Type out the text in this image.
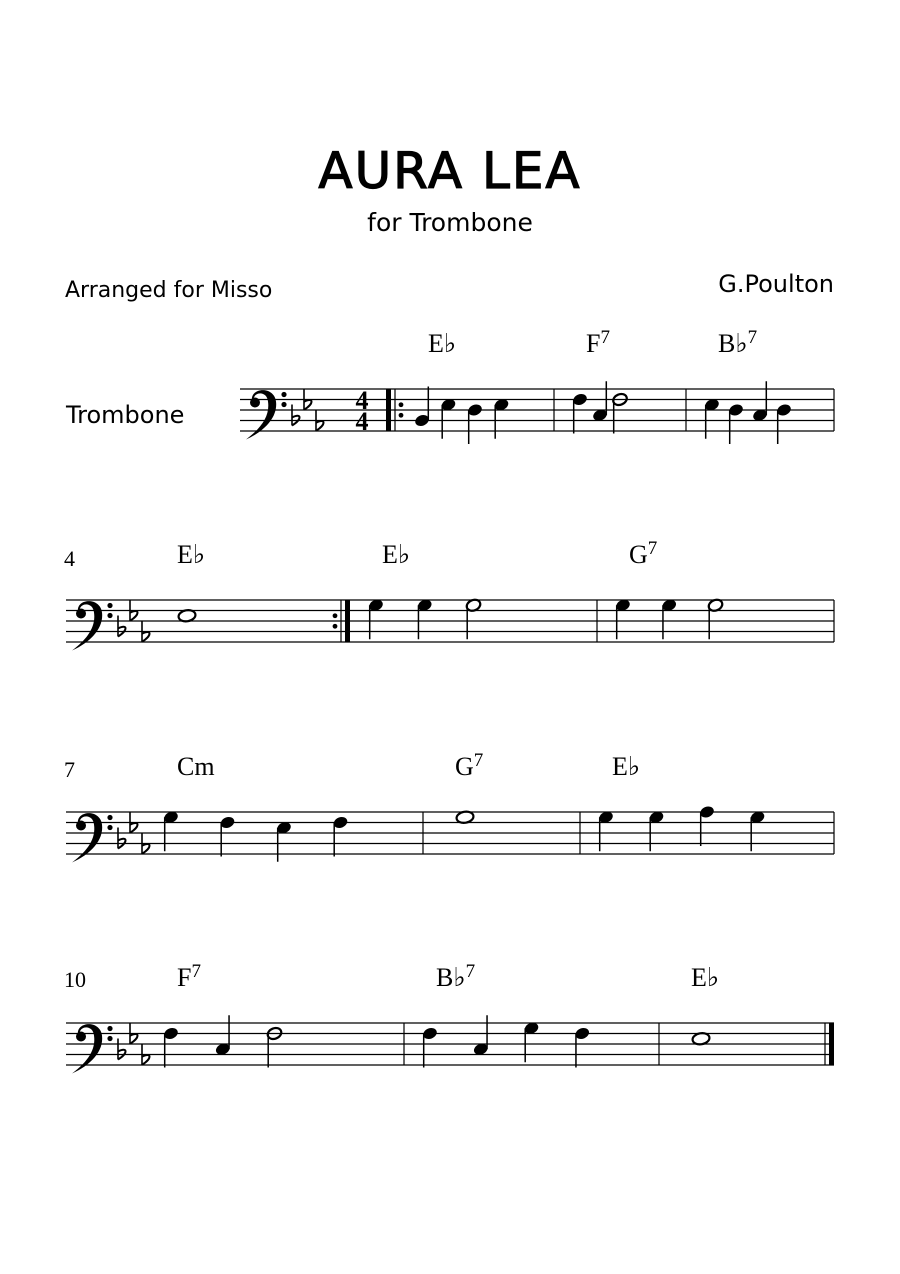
AURA LEA
for Trombone
Arranged for Misso	G.Poulton
4
4
Trombone
E♭	$F^7$	B♭$^7$
4	E♭	E♭	$G^7$
7	Cm	$G^7$	E♭
10	$F^7$	B♭$^7$	E♭
